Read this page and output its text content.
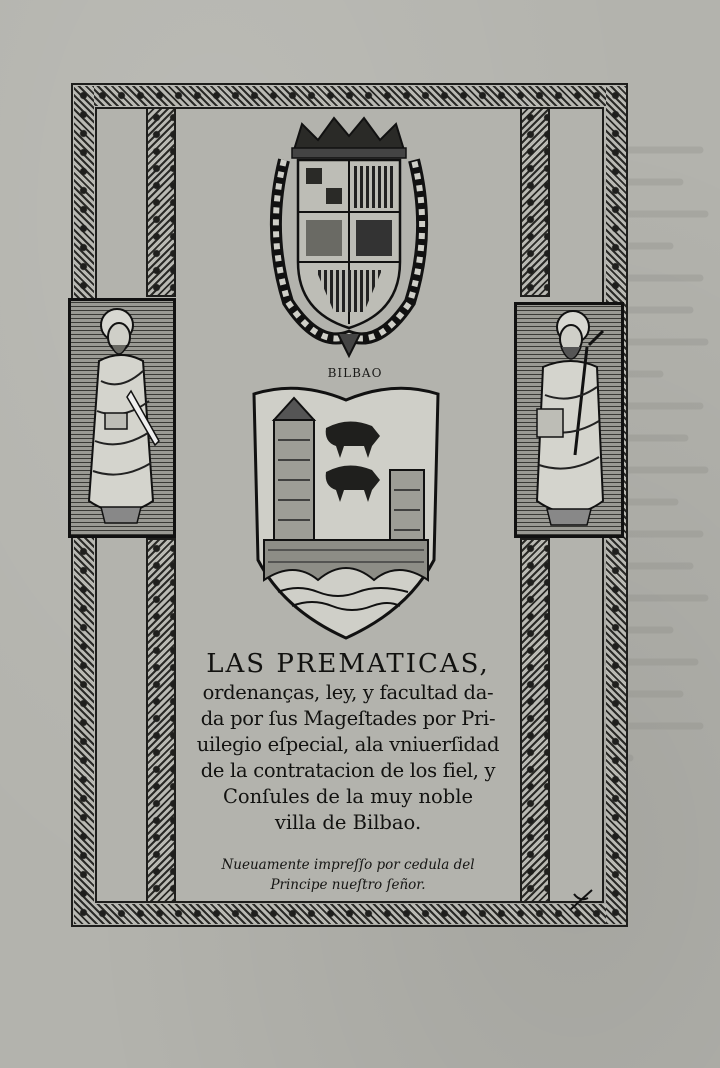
BILBAO
LAS PREMATICAS,
ordenanças, ley, y facultad da-
da por ſus Mageſtades por Pri-
uilegio eſpecial, ala vniuerſidad
de la contratacion de los fiel, y
Conſules de la muy noble
villa de Bilbao.
Nueuamente impreſſo por cedula del
Principe nueſtro ſeñor.
